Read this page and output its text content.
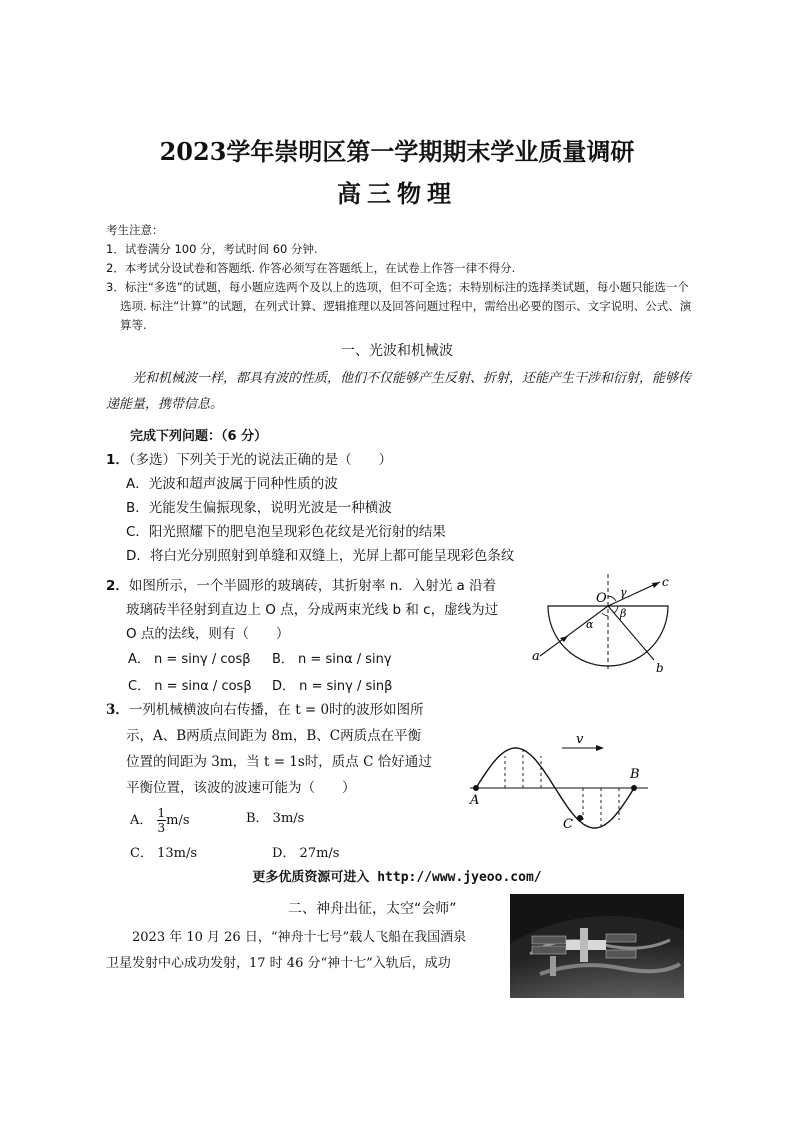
2023学年崇明区第一学期期末学业质量调研
高三物理
考生注意：
1．试卷满分 100 分，考试时间 60 分钟.
2．本考试分设试卷和答题纸. 作答必须写在答题纸上，在试卷上作答一律不得分.
3．标注“多选”的试题，每小题应选两个及以上的选项，但不可全选；未特别标注的选择类试题，每小题只能选一个选项. 标注“计算”的试题，在列式计算、逻辑推理以及回答问题过程中，需给出必要的图示、文字说明、公式、演算等.
一、光波和机械波
光和机械波一样，都具有波的性质，他们不仅能够产生反射、折射，还能产生干涉和衍射，能够传递能量，携带信息。
完成下列问题：（6 分）
1．（多选）下列关于光的说法正确的是（　　）
A．光波和超声波属于同种性质的波
B．光能发生偏振现象，说明光波是一种横波
C．阳光照耀下的肥皂泡呈现彩色花纹是光衍射的结果
D．将白光分别照射到单缝和双缝上，光屏上都可能呈现彩色条纹
2．如图所示，一个半圆形的玻璃砖，其折射率 n．入射光 a 沿着
玻璃砖半径射到直边上 O 点，分成两束光线 b 和 c，虚线为过
O 点的法线，则有（　　）
A． n = sinγ / cosβ B． n = sinα / sinγ
C． n = sinα / cosβ D． n = sinγ / sinβ
O
a
b
c
α
β
γ
3．一列机械横波向右传播，在 t = 0时的波形如图所
示，A、B两质点间距为 8m，B、C两质点在平衡
位置的间距为 3m，当 t = 1s时，质点 C 恰好通过
平衡位置，该波的波速可能为（　　）
A． $\frac{1}{3} m/s$	B． 3m/s
C． 13m/s	D． 27m/s
v
A
B
C
更多优质资源可进入 http://www.jyeoo.com/
二、神舟出征，太空“会师”
2023 年 10 月 26 日，“神舟十七号”载人飞船在我国酒泉
卫星发射中心成功发射，17 时 46 分“神十七”入轨后，成功
